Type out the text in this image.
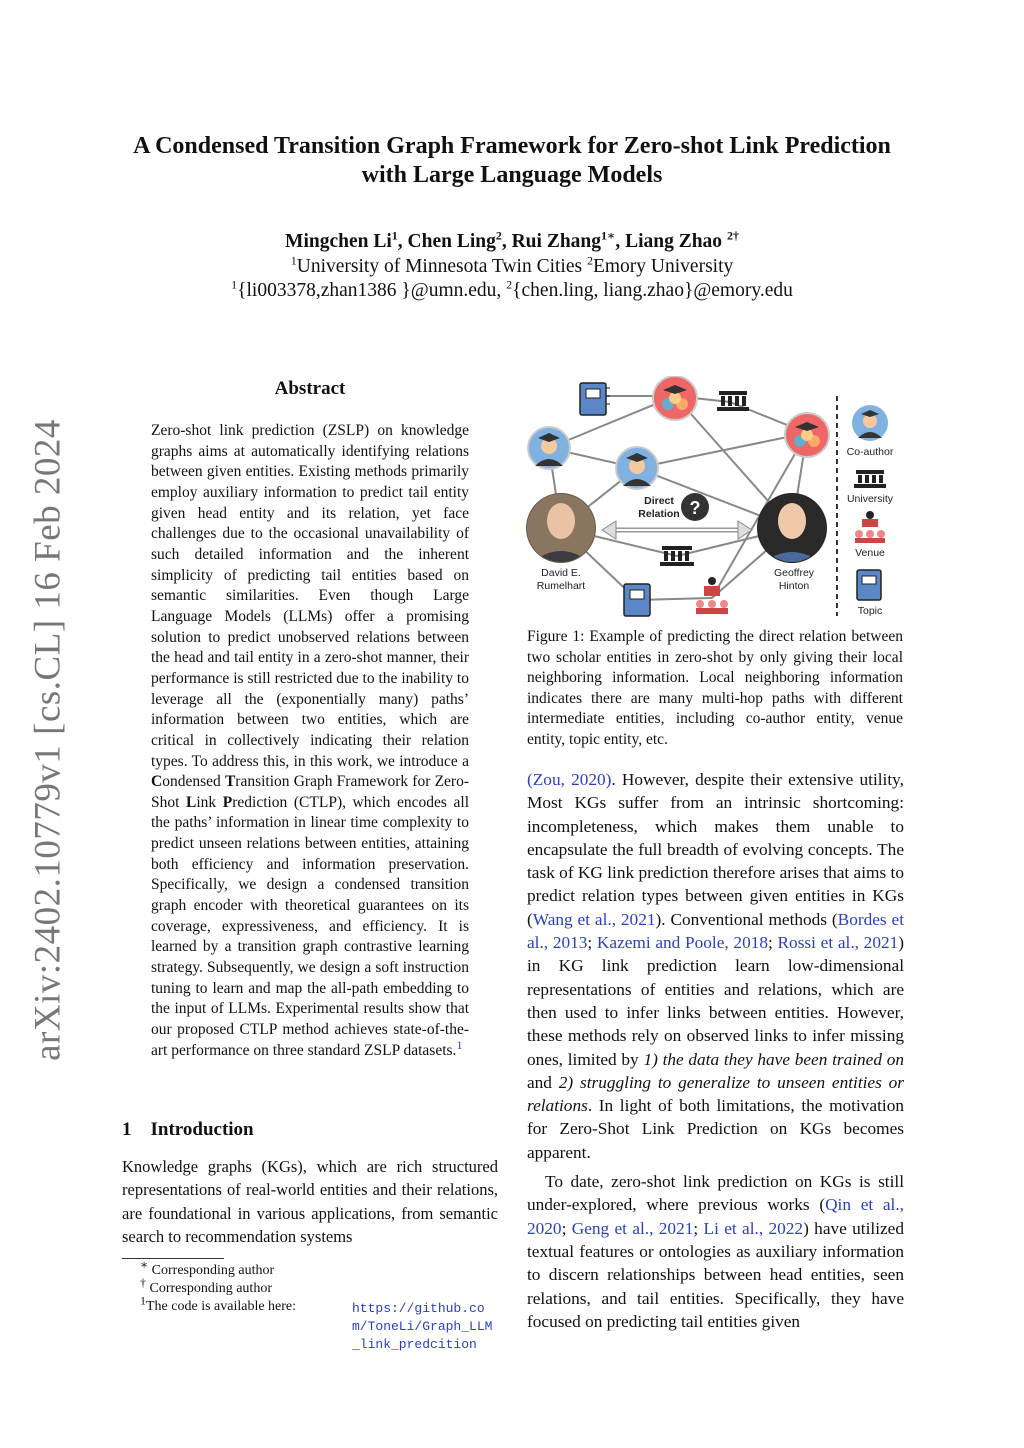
arXiv:2402.10779v1 [cs.CL] 16 Feb 2024
A Condensed Transition Graph Framework for Zero-shot Link Prediction
with Large Language Models
Mingchen Li$^1$, Chen Ling$^2$, Rui Zhang$^{1∗}$, Liang Zhao $^{2\dagger}$
$^1$University of Minnesota Twin Cities $^2$Emory University
$^1${li003378,zhan1386 }@umn.edu, $^2${chen.ling, liang.zhao}@emory.edu
Abstract
Zero-shot link prediction (ZSLP) on knowledge graphs aims at automatically identifying relations between given entities. Existing methods primarily employ auxiliary information to predict tail entity given head entity and its relation, yet face challenges due to the occasional unavailability of such detailed information and the inherent simplicity of predicting tail entities based on semantic similarities. Even though Large Language Models (LLMs) offer a promising solution to predict unobserved relations between the head and tail entity in a zero-shot manner, their performance is still restricted due to the inability to leverage all the (exponentially many) paths’ information between two entities, which are critical in collectively indicating their relation types. To address this, in this work, we introduce a Condensed Transition Graph Framework for Zero-Shot Link Prediction (CTLP), which encodes all the paths’ information in linear time complexity to predict unseen relations between entities, attaining both efficiency and information preservation. Specifically, we design a condensed transition graph encoder with theoretical guarantees on its coverage, expressiveness, and efficiency. It is learned by a transition graph contrastive learning strategy. Subsequently, we design a soft instruction tuning to learn and map the all-path embedding to the input of LLMs. Experimental results show that our proposed CTLP method achieves state-of-the-art performance on three standard ZSLP datasets.$^1$
1 Introduction
Knowledge graphs (KGs), which are rich structured representations of real-world entities and their relations, are foundational in various applications, from semantic search to recommendation systems
∗ Corresponding author
† Corresponding author
$^1$The code is available here:	https://github.com/ToneLi/Graph_LLM_link_predcition
Direct Relation ?
David E. Rumelhart
Geoffrey Hinton
Co-author
University
Venue
Topic
Figure 1: Example of predicting the direct relation between two scholar entities in zero-shot by only giving their local neighboring information. Local neighboring information indicates there are many multi-hop paths with different intermediate entities, including co-author entity, venue entity, topic entity, etc.

(Zou, 2020). However, despite their extensive utility, Most KGs suffer from an intrinsic shortcoming: incompleteness, which makes them unable to encapsulate the full breadth of evolving concepts. The task of KG link prediction therefore arises that aims to predict relation types between given entities in KGs (Wang et al., 2021). Conventional methods (Bordes et al., 2013; Kazemi and Poole, 2018; Rossi et al., 2021) in KG link prediction learn low-dimensional representations of entities and relations, which are then used to infer links between entities. However, these methods rely on observed links to infer missing ones, limited by 1) the data they have been trained on and 2) struggling to generalize to unseen entities or relations. In light of both limitations, the motivation for Zero-Shot Link Prediction on KGs becomes apparent.

To date, zero-shot link prediction on KGs is still under-explored, where previous works (Qin et al., 2020; Geng et al., 2021; Li et al., 2022) have utilized textual features or ontologies as auxiliary information to discern relationships between head entities, seen relations, and tail entities. Specifically, they have focused on predicting tail entities given
